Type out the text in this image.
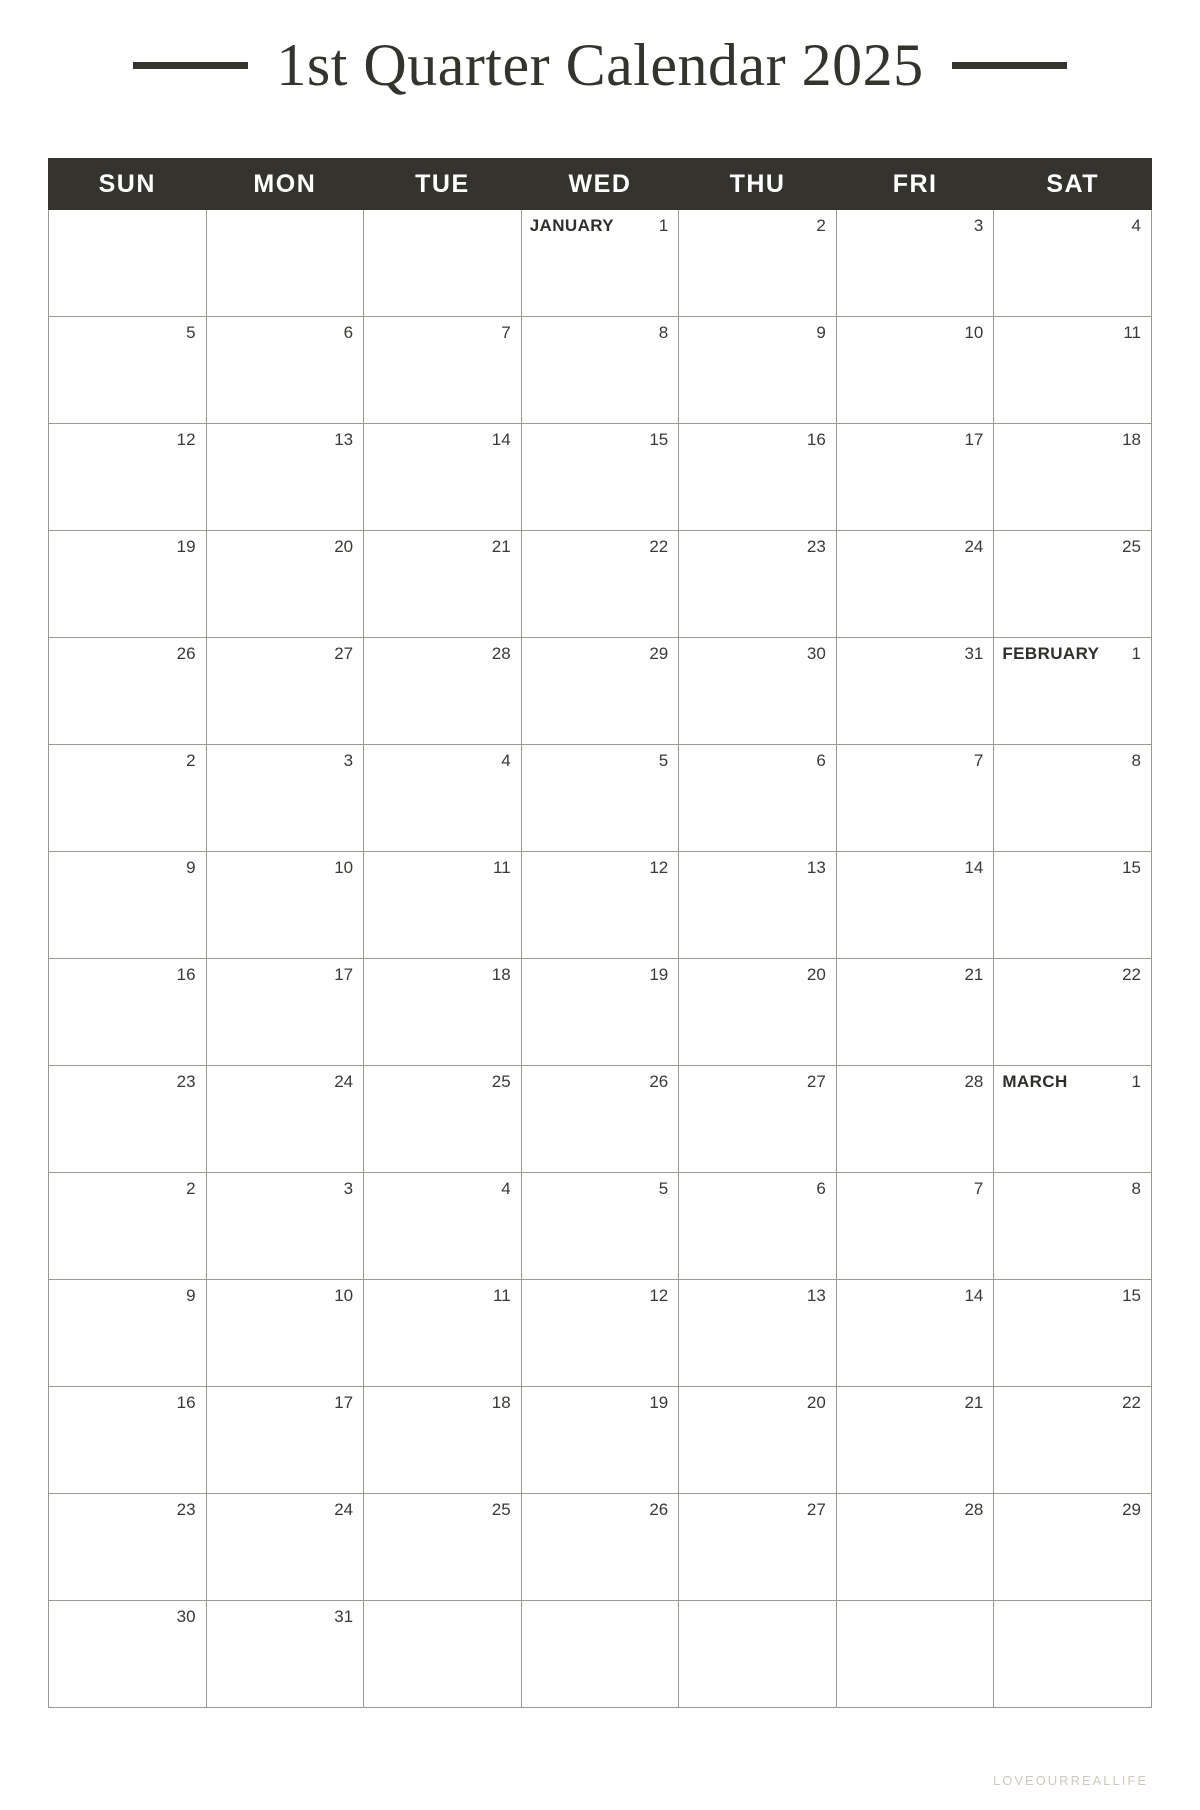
1st Quarter Calendar 2025
SUN	MON	TUE	WED	THU	FRI	SAT

			JANUARY 1	2	3	4

5	6	7	8	9	10	11

12	13	14	15	16	17	18

19	20	21	22	23	24	25

26	27	28	29	30	31	FEBRUARY 1

2	3	4	5	6	7	8

9	10	11	12	13	14	15

16	17	18	19	20	21	22

23	24	25	26	27	28	MARCH 1

2	3	4	5	6	7	8

9	10	11	12	13	14	15

16	17	18	19	20	21	22

23	24	25	26	27	28	29

30	31					

LOVEOURREALLIFE
